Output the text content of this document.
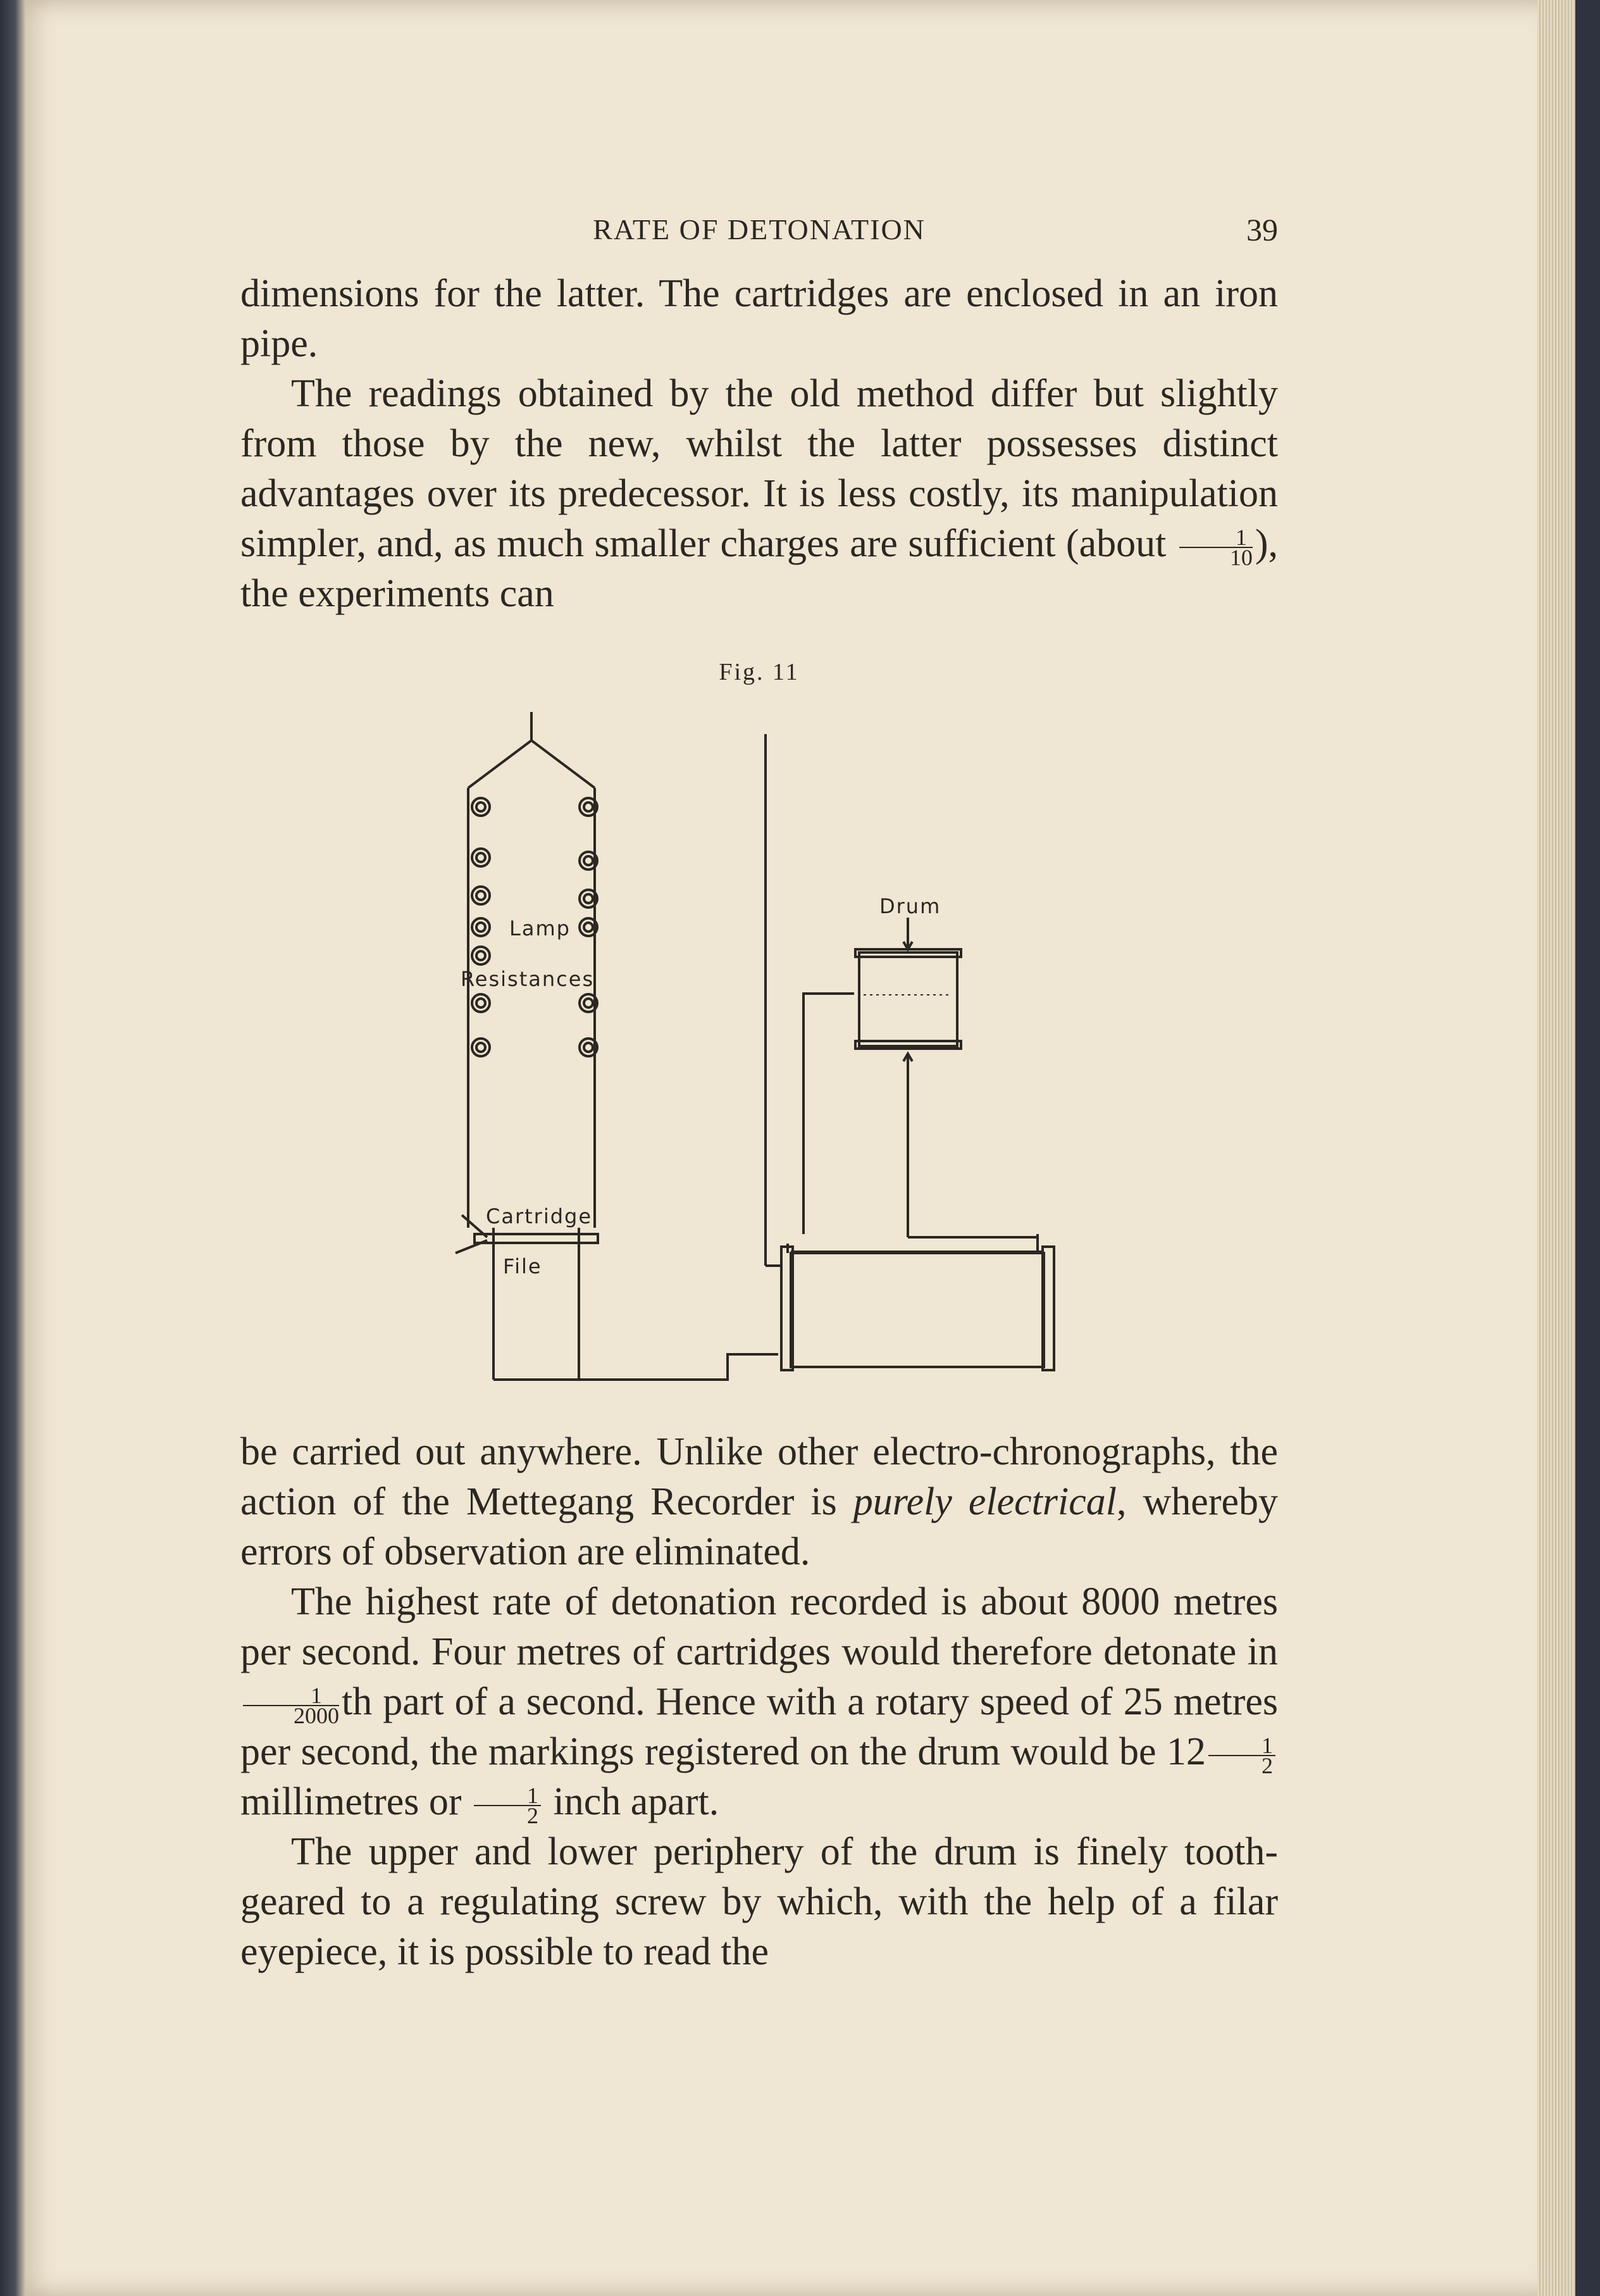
RATE OF DETONATION	39

dimensions for the latter. The cartridges are enclosed in an iron pipe.

The readings obtained by the old method differ but slightly from those by the new, whilst the latter possesses distinct advantages over its predecessor. It is less costly, its manipulation simpler, and, as much smaller charges are sufficient (about $\frac{1}{10}$ ), the experiments can

Fig. 11
Lamp
Resistances
Drum
Cartridge
File

be carried out anywhere. Unlike other electro-chronographs, the action of the Mettegang Recorder is purely electrical, whereby errors of observation are eliminated.

The highest rate of detonation recorded is about 8000 metres per second. Four metres of cartridges would therefore detonate in
$\frac{1}{2000}$ th part of a second. Hence with a rotary speed of 25 metres per second, the markings registered on the drum would be $12 \frac{1}{2}$
millimetres or $\frac{1}{2}$ inch apart.

The upper and lower periphery of the drum is finely tooth-geared to a regulating screw by which, with the help of a filar eyepiece, it is possible to read the
